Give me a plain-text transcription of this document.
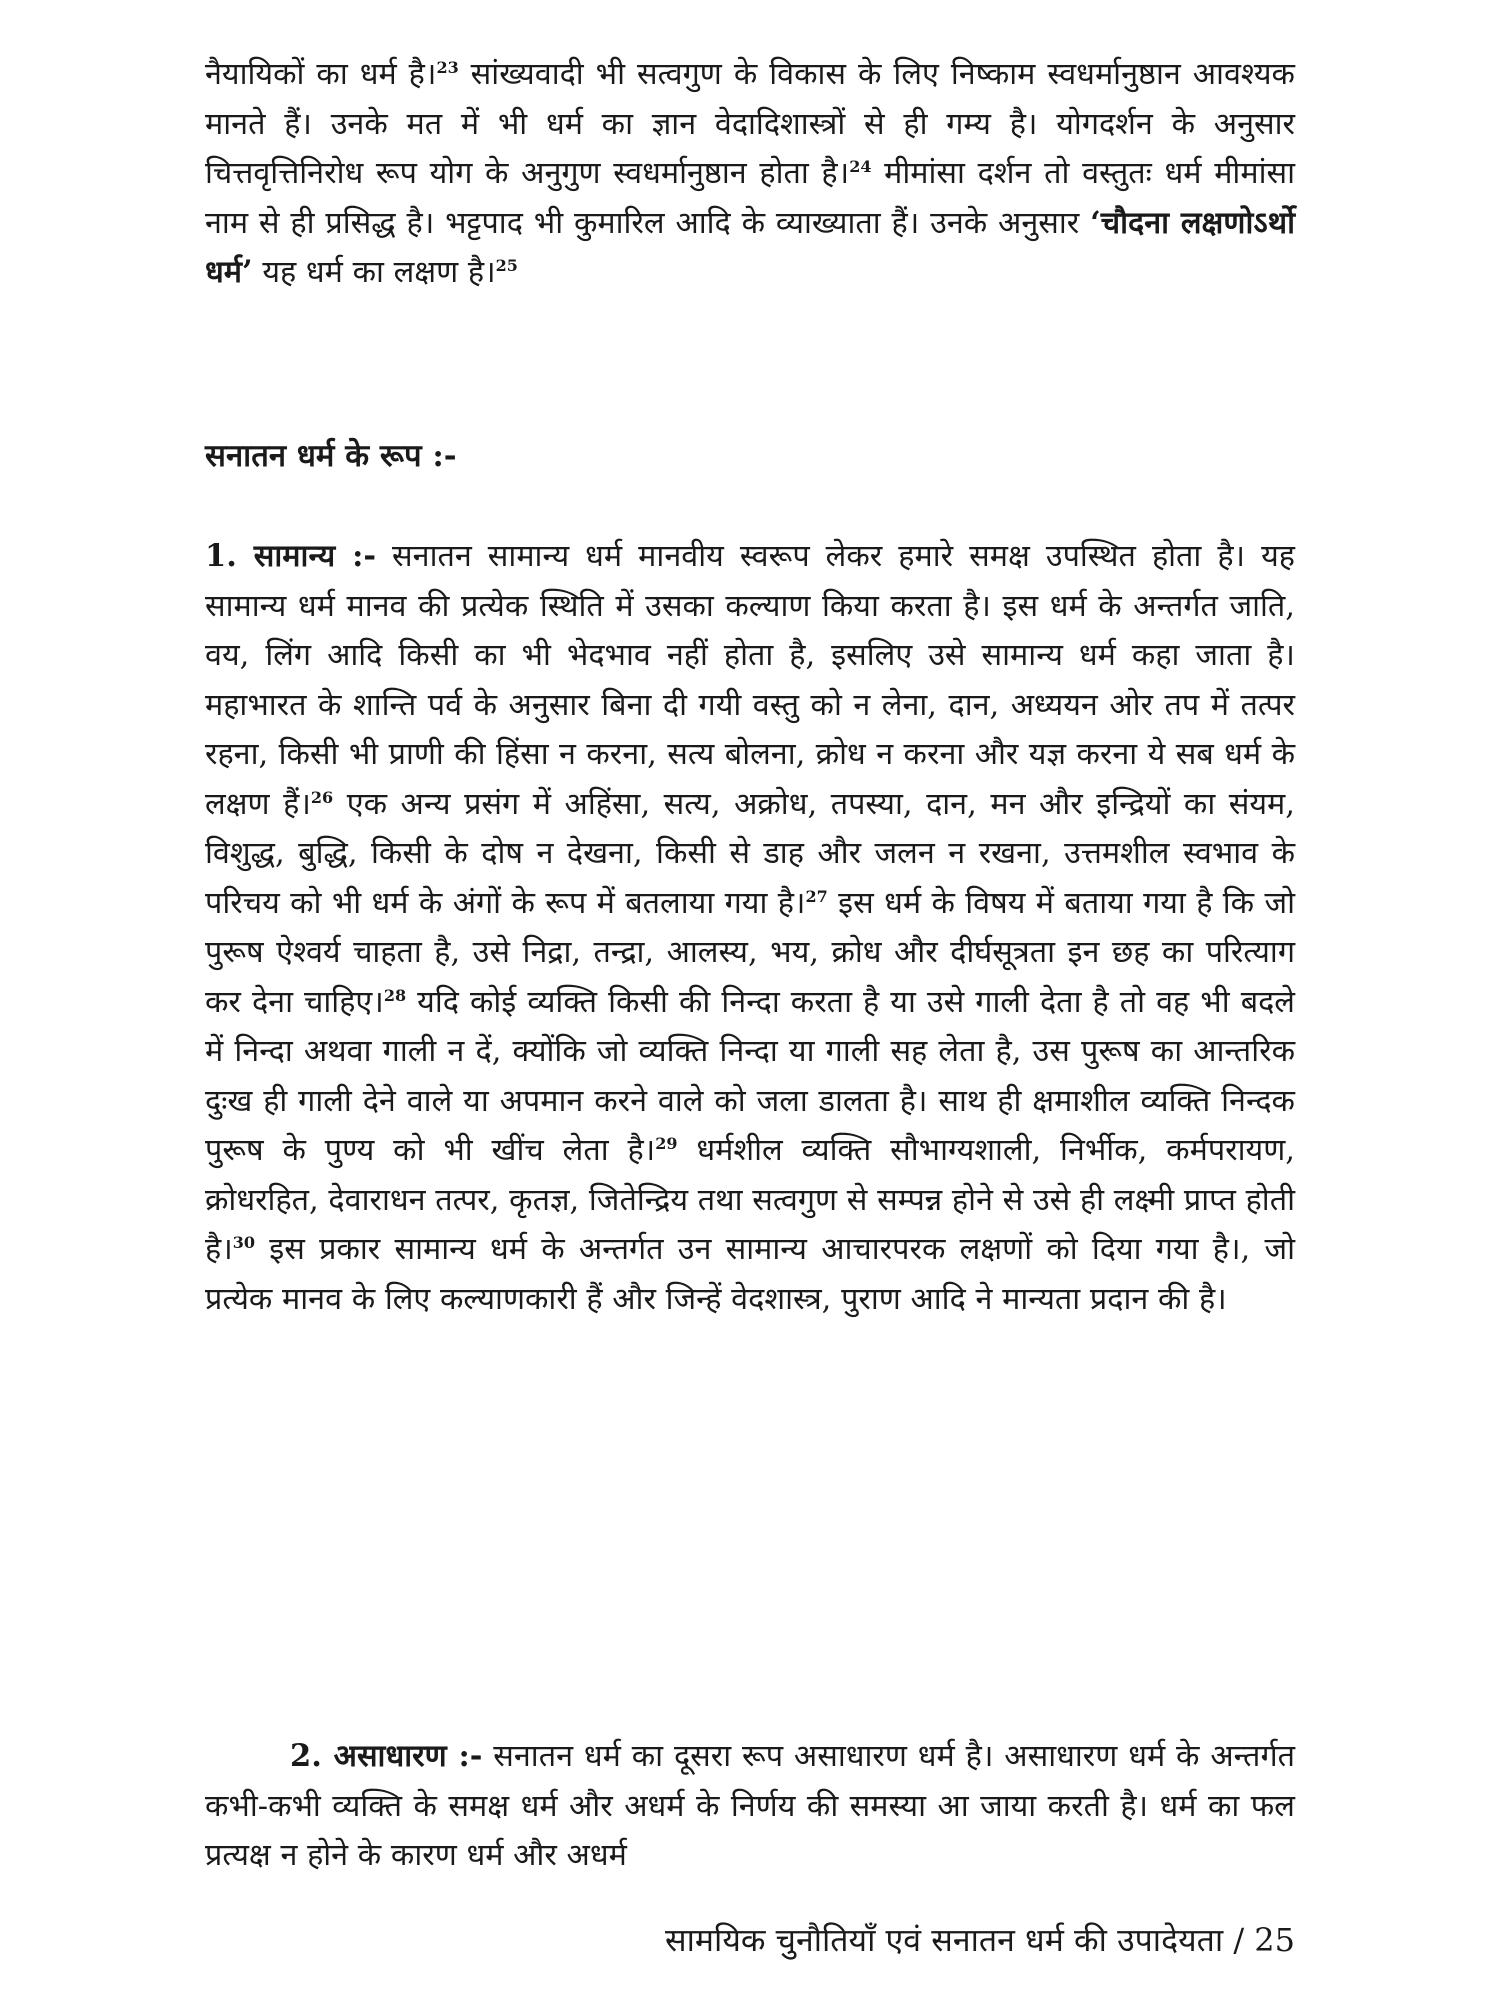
नैयायिकों का धर्म है।$^{23}$ सांख्यवादी भी सत्वगुण के विकास के लिए निष्काम स्वधर्मानुष्ठान आवश्यक मानते हैं। उनके मत में भी धर्म का ज्ञान वेदादिशास्त्रों से ही गम्य है। योगदर्शन के अनुसार चित्तवृत्तिनिरोध रूप योग के अनुगुण स्वधर्मानुष्ठान होता है।$^{24}$ मीमांसा दर्शन तो वस्तुतः धर्म मीमांसा नाम से ही प्रसिद्ध है। भट्टपाद भी कुमारिल आदि के व्याख्याता हैं। उनके अनुसार ‘चौदना लक्षणोऽर्थो धर्म’ यह धर्म का लक्षण है।$^{25}$

सनातन धर्म के रूप :-

1. सामान्य :- सनातन सामान्य धर्म मानवीय स्वरूप लेकर हमारे समक्ष उपस्थित होता है। यह सामान्य धर्म मानव की प्रत्येक स्थिति में उसका कल्याण किया करता है। इस धर्म के अन्तर्गत जाति, वय, लिंग आदि किसी का भी भेदभाव नहीं होता है, इसलिए उसे सामान्य धर्म कहा जाता है। महाभारत के शान्ति पर्व के अनुसार बिना दी गयी वस्तु को न लेना, दान, अध्ययन ओर तप में तत्पर रहना, किसी भी प्राणी की हिंसा न करना, सत्य बोलना, क्रोध न करना और यज्ञ करना ये सब धर्म के लक्षण हैं।$^{26}$ एक अन्य प्रसंग में अहिंसा, सत्य, अक्रोध, तपस्या, दान, मन और इन्द्रियों का संयम, विशुद्ध, बुद्धि, किसी के दोष न देखना, किसी से डाह और जलन न रखना, उत्तमशील स्वभाव के परिचय को भी धर्म के अंगों के रूप में बतलाया गया है।$^{27}$ इस धर्म के विषय में बताया गया है कि जो पुरूष ऐश्वर्य चाहता है, उसे निद्रा, तन्द्रा, आलस्य, भय, क्रोध और दीर्घसूत्रता इन छह का परित्याग कर देना चाहिए।$^{28}$ यदि कोई व्यक्ति किसी की निन्दा करता है या उसे गाली देता है तो वह भी बदले में निन्दा अथवा गाली न दें, क्योंकि जो व्यक्ति निन्दा या गाली सह लेता है, उस पुरूष का आन्तरिक दुःख ही गाली देने वाले या अपमान करने वाले को जला डालता है। साथ ही क्षमाशील व्यक्ति निन्दक पुरूष के पुण्य को भी खींच लेता है।$^{29}$ धर्मशील व्यक्ति सौभाग्यशाली, निर्भीक, कर्मपरायण, क्रोधरहित, देवाराधन तत्पर, कृतज्ञ, जितेन्द्रिय तथा सत्वगुण से सम्पन्न होने से उसे ही लक्ष्मी प्राप्त होती है।$^{30}$ इस प्रकार सामान्य धर्म के अन्तर्गत उन सामान्य आचारपरक लक्षणों को दिया गया है।, जो प्रत्येक मानव के लिए कल्याणकारी हैं और जिन्हें वेदशास्त्र, पुराण आदि ने मान्यता प्रदान की है।

2. असाधारण :- सनातन धर्म का दूसरा रूप असाधारण धर्म है। असाधारण धर्म के अन्तर्गत कभी-कभी व्यक्ति के समक्ष धर्म और अधर्म के निर्णय की समस्या आ जाया करती है। धर्म का फल प्रत्यक्ष न होने के कारण धर्म और अधर्म

सामयिक चुनौतियाँ एवं सनातन धर्म की उपादेयता / 25
